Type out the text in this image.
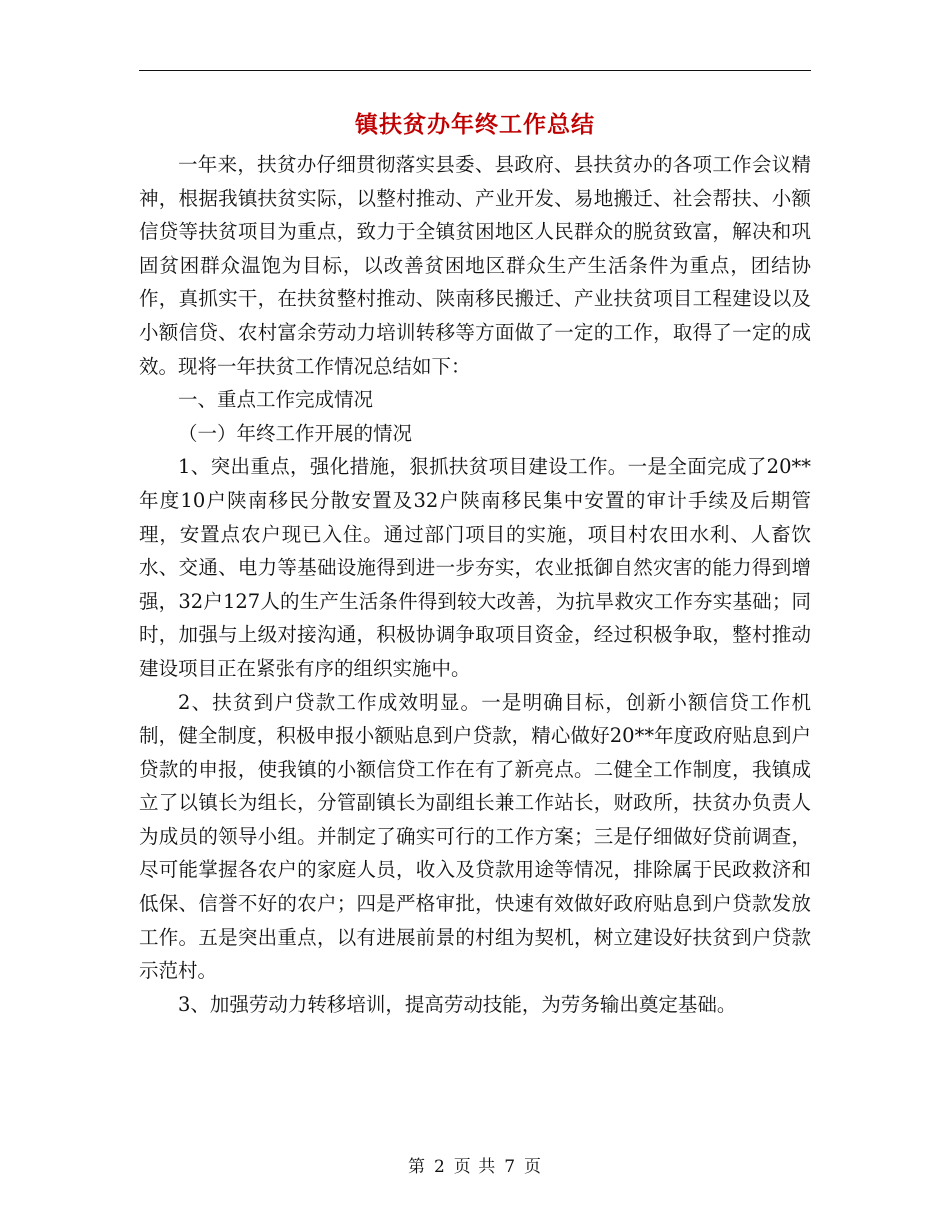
镇扶贫办年终工作总结

一年来，扶贫办仔细贯彻落实县委、县政府、县扶贫办的各项工作会议精神，根据我镇扶贫实际，以整村推动、产业开发、易地搬迁、社会帮扶、小额信贷等扶贫项目为重点，致力于全镇贫困地区人民群众的脱贫致富，解决和巩固贫困群众温饱为目标，以改善贫困地区群众生产生活条件为重点，团结协作，真抓实干，在扶贫整村推动、陕南移民搬迁、产业扶贫项目工程建设以及小额信贷、农村富余劳动力培训转移等方面做了一定的工作，取得了一定的成效。现将一年扶贫工作情况总结如下：

一、重点工作完成情况

（一）年终工作开展的情况

1、突出重点，强化措施，狠抓扶贫项目建设工作。一是全面完成了20**年度10户陕南移民分散安置及32户陕南移民集中安置的审计手续及后期管理，安置点农户现已入住。通过部门项目的实施，项目村农田水利、人畜饮水、交通、电力等基础设施得到进一步夯实，农业抵御自然灾害的能力得到增强，32户127人的生产生活条件得到较大改善，为抗旱救灾工作夯实基础；同时，加强与上级对接沟通，积极协调争取项目资金，经过积极争取，整村推动建设项目正在紧张有序的组织实施中。

2、扶贫到户贷款工作成效明显。一是明确目标，创新小额信贷工作机制，健全制度，积极申报小额贴息到户贷款，精心做好20**年度政府贴息到户贷款的申报，使我镇的小额信贷工作在有了新亮点。二健全工作制度，我镇成立了以镇长为组长，分管副镇长为副组长兼工作站长，财政所，扶贫办负责人为成员的领导小组。并制定了确实可行的工作方案；三是仔细做好贷前调查，尽可能掌握各农户的家庭人员，收入及贷款用途等情况，排除属于民政救济和低保、信誉不好的农户；四是严格审批，快速有效做好政府贴息到户贷款发放工作。五是突出重点，以有进展前景的村组为契机，树立建设好扶贫到户贷款示范村。

3、加强劳动力转移培训，提高劳动技能，为劳务输出奠定基础。

第 2 页 共 7 页
